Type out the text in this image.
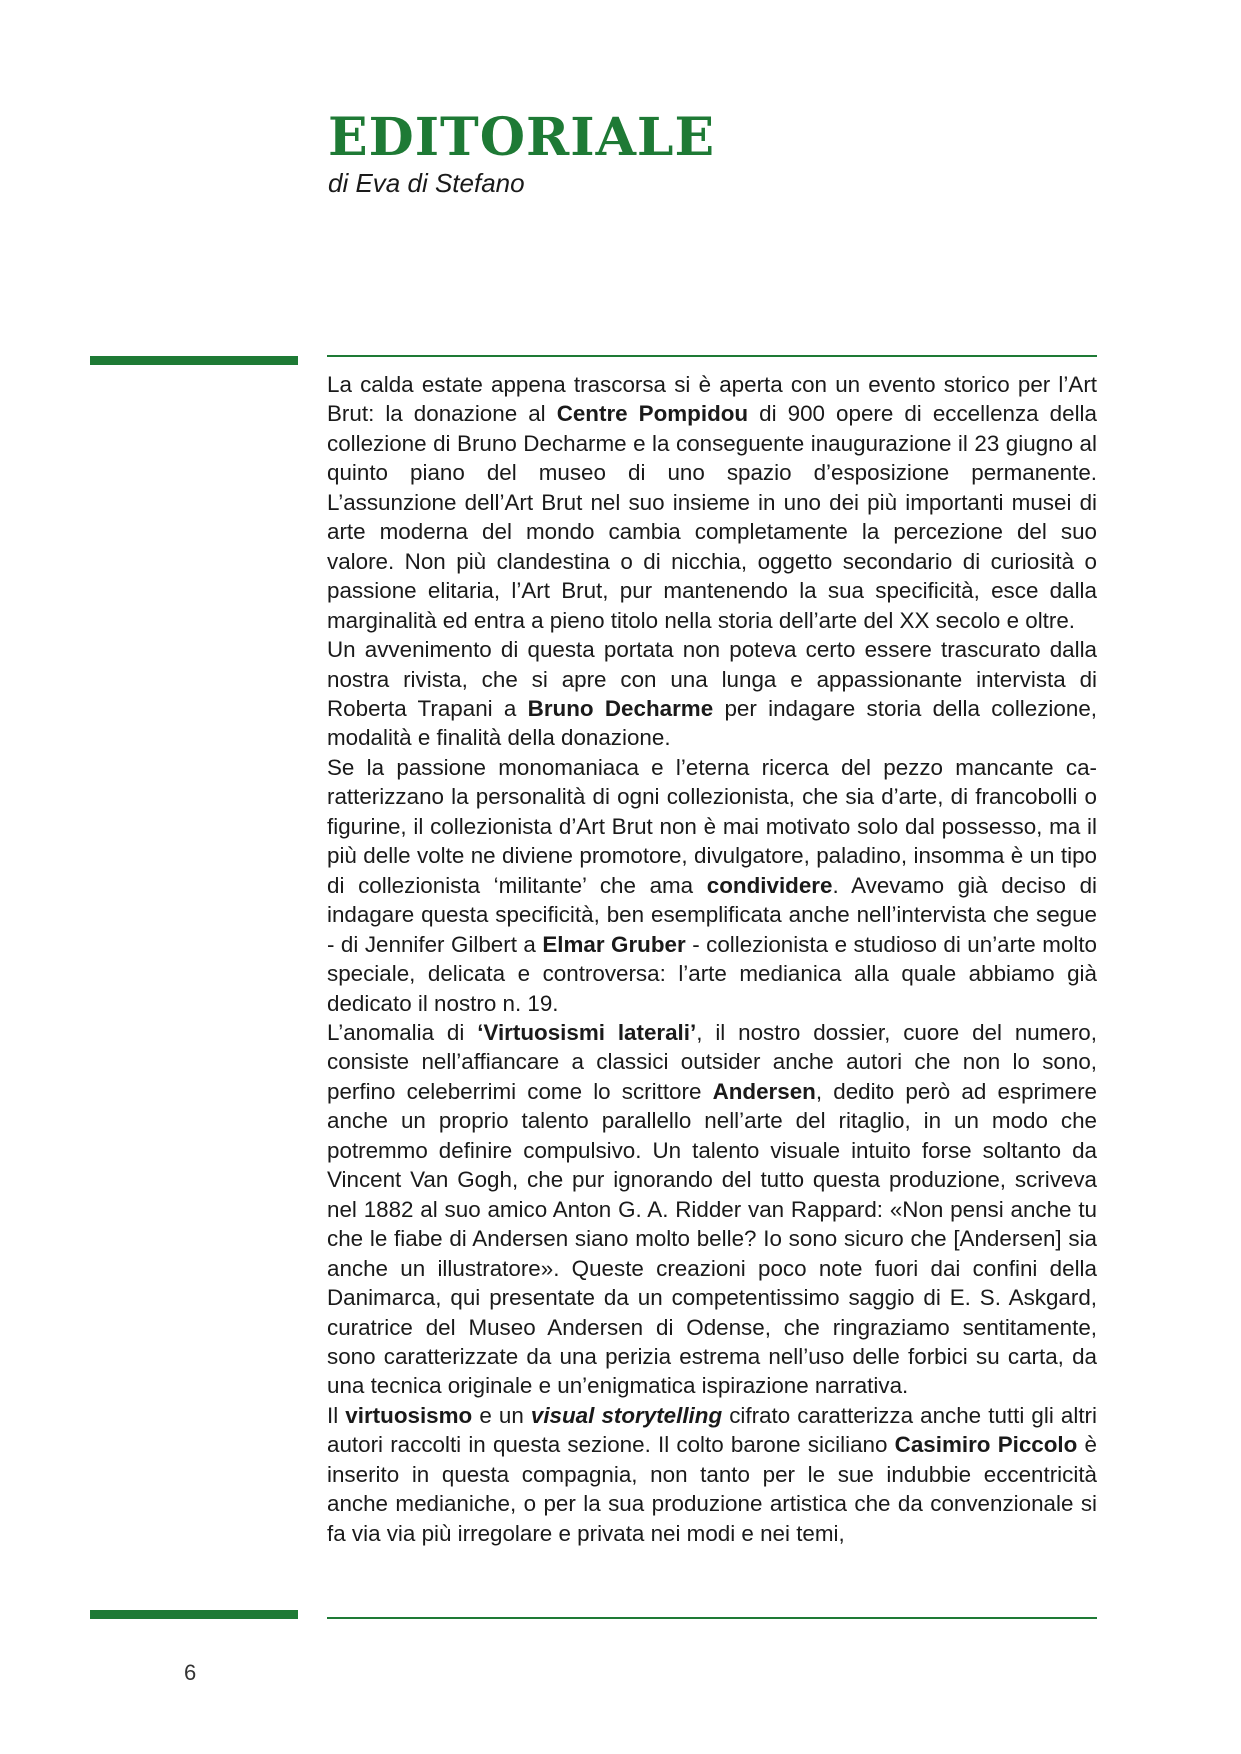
EDITORIALE
di Eva di Stefano

La calda estate appena trascorsa si è aperta con un evento storico per l’Art Brut: la donazione al Centre Pompidou di 900 opere di eccellenza della collezione di Bruno Decharme e la conseguente inaugurazione il 23 giugno al quinto piano del museo di uno spazio d’esposizione permanente. L’assunzione dell’Art Brut nel suo insieme in uno dei più importanti musei di arte moderna del mondo cambia completamente la percezione del suo valore. Non più clandestina o di nicchia, oggetto secondario di curiosità o passione elitaria, l’Art Brut, pur mantenendo la sua specificità, esce dalla marginalità ed entra a pieno titolo nella storia dell’arte del XX secolo e oltre.

Un avvenimento di questa portata non poteva certo essere trascurato dalla nostra rivista, che si apre con una lunga e appassionante intervista di Roberta Trapani a Bruno Decharme per indagare storia della collezione, modalità e finalità della donazione.

Se la passione monomaniaca e l’eterna ricerca del pezzo mancante caratterizzano la personalità di ogni collezionista, che sia d’arte, di francobolli o figurine, il collezionista d’Art Brut non è mai motivato solo dal possesso, ma il più delle volte ne diviene promotore, divulgatore, paladino, insomma è un tipo di collezionista ‘militante’ che ama condividere. Avevamo già deciso di indagare questa specificità, ben esemplificata anche nell’intervista che segue - di Jennifer Gilbert a Elmar Gruber - collezionista e studioso di un’arte molto speciale, delicata e controversa: l’arte medianica alla quale abbiamo già dedicato il nostro n. 19.

L’anomalia di ‘Virtuosismi laterali’, il nostro dossier, cuore del numero, consiste nell’affiancare a classici outsider anche autori che non lo sono, perfino celeberrimi come lo scrittore Andersen, dedito però ad esprimere anche un proprio talento parallello nell’arte del ritaglio, in un modo che potremmo definire compulsivo. Un talento visuale intuito forse soltanto da Vincent Van Gogh, che pur ignorando del tutto questa produzione, scriveva nel 1882 al suo amico Anton G. A. Ridder van Rappard: «Non pensi anche tu che le fiabe di Andersen siano molto belle? Io sono sicuro che [Andersen] sia anche un illustratore». Queste creazioni poco note fuori dai confini della Danimarca, qui presentate da un competentissimo saggio di E. S. Askgard, curatrice del Museo Andersen di Odense, che ringraziamo sentitamente, sono caratterizzate da una perizia estrema nell’uso delle forbici su carta, da una tecnica originale e un’enigmatica ispirazione narrativa.

Il virtuosismo e un visual storytelling cifrato caratterizza anche tutti gli altri autori raccolti in questa sezione. Il colto barone siciliano Casimiro Piccolo è inserito in questa compagnia, non tanto per le sue indubbie eccentricità anche medianiche, o per la sua produzione artistica che da convenzionale si fa via via più irregolare e privata nei modi e nei temi,

6
